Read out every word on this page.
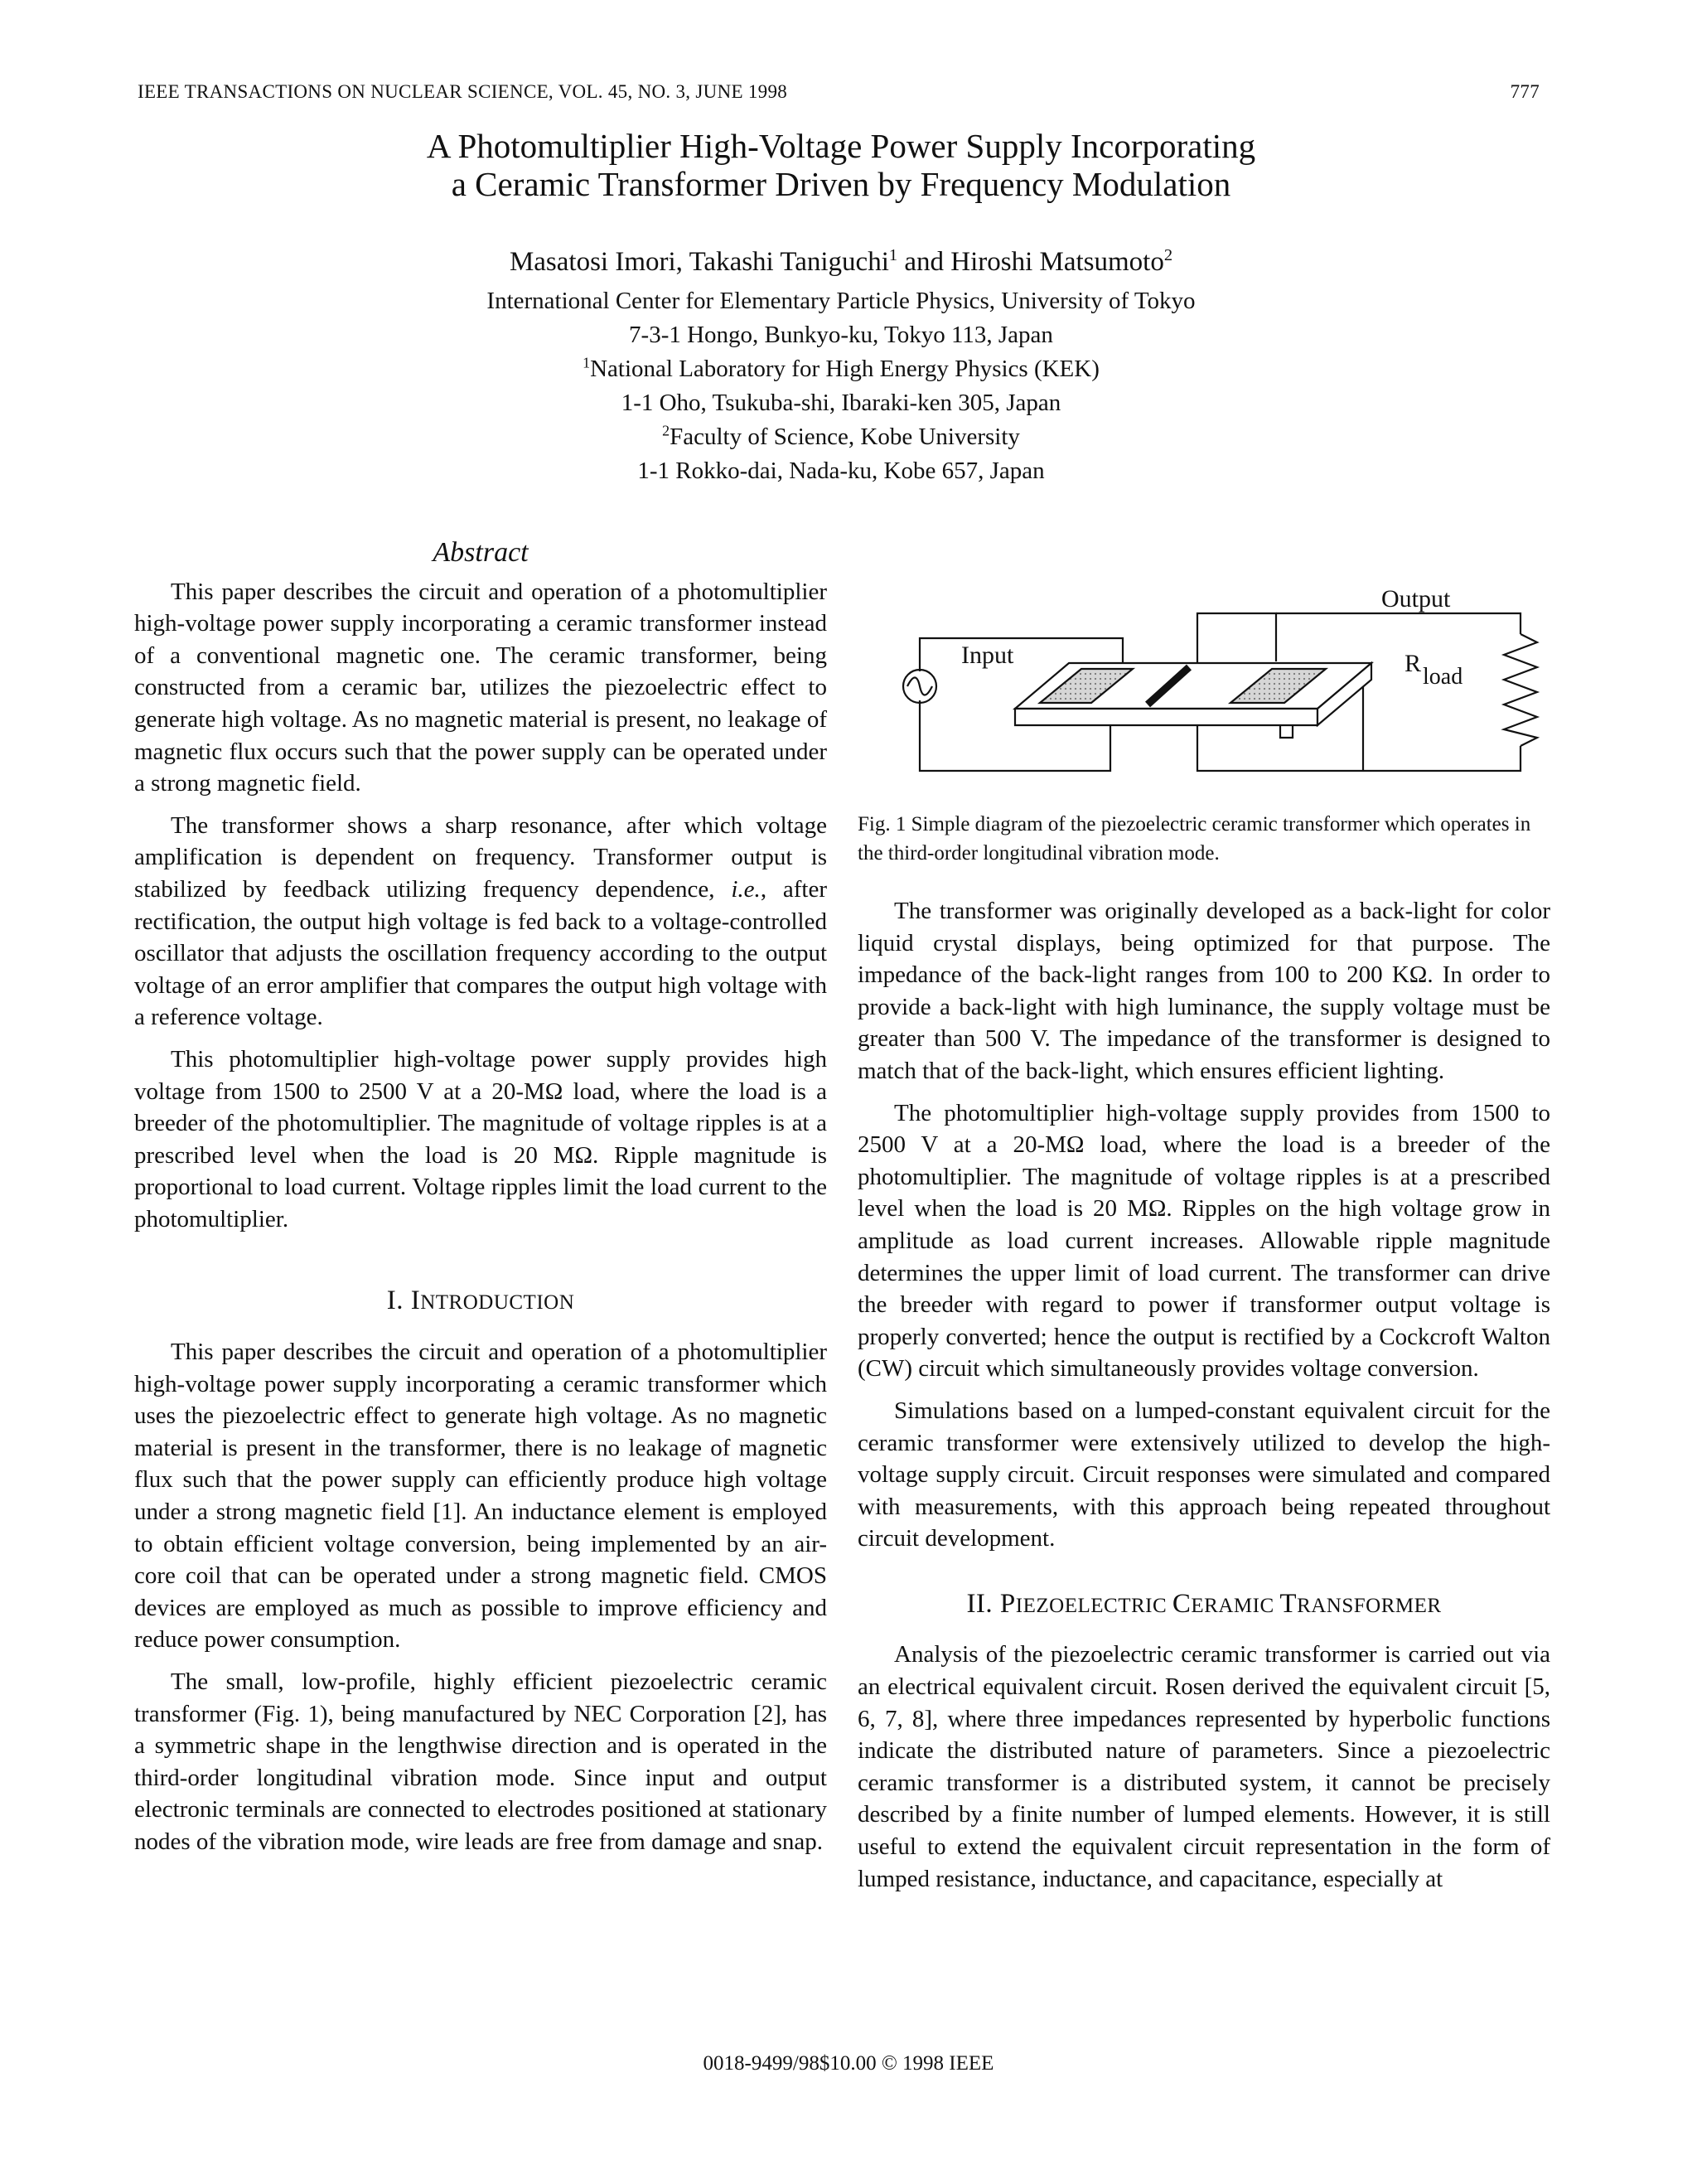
IEEE TRANSACTIONS ON NUCLEAR SCIENCE, VOL. 45, NO. 3, JUNE 1998	777
A Photomultiplier High-Voltage Power Supply Incorporating
a Ceramic Transformer Driven by Frequency Modulation
Masatosi Imori, Takashi Taniguchi$^1$ and Hiroshi Matsumoto$^2$
International Center for Elementary Particle Physics, University of Tokyo
7-3-1 Hongo, Bunkyo-ku, Tokyo 113, Japan
$^1$National Laboratory for High Energy Physics (KEK)
1-1 Oho, Tsukuba-shi, Ibaraki-ken 305, Japan
$^2$Faculty of Science, Kobe University
1-1 Rokko-dai, Nada-ku, Kobe 657, Japan
Abstract

This paper describes the circuit and operation of a photomultiplier high-voltage power supply incorporating a ceramic transformer instead of a conventional magnetic one. The ceramic transformer, being constructed from a ceramic bar, utilizes the piezoelectric effect to generate high voltage. As no magnetic material is present, no leakage of magnetic flux occurs such that the power supply can be operated under a strong magnetic field.

The transformer shows a sharp resonance, after which voltage amplification is dependent on frequency. Transformer output is stabilized by feedback utilizing frequency dependence, i.e., after rectification, the output high voltage is fed back to a voltage-controlled oscillator that adjusts the oscillation frequency according to the output voltage of an error amplifier that compares the output high voltage with a reference voltage.

This photomultiplier high-voltage power supply provides high voltage from 1500 to 2500 V at a 20-MΩ load, where the load is a breeder of the photomultiplier. The magnitude of voltage ripples is at a prescribed level when the load is 20 MΩ. Ripple magnitude is proportional to load current. Voltage ripples limit the load current to the photomultiplier.

I. INTRODUCTION

This paper describes the circuit and operation of a photomultiplier high-voltage power supply incorporating a ceramic transformer which uses the piezoelectric effect to generate high voltage. As no magnetic material is present in the transformer, there is no leakage of magnetic flux such that the power supply can efficiently produce high voltage under a strong magnetic field [1]. An inductance element is employed to obtain efficient voltage conversion, being implemented by an air-core coil that can be operated under a strong magnetic field. CMOS devices are employed as much as possible to improve efficiency and reduce power consumption.

The small, low-profile, highly efficient piezoelectric ceramic transformer (Fig. 1), being manufactured by NEC Corporation [2], has a symmetric shape in the lengthwise direction and is operated in the third-order longitudinal vibration mode. Since input and output electronic terminals are connected to electrodes positioned at stationary nodes of the vibration mode, wire leads are free from damage and snap.

Input
Output
R load
Fig. 1 Simple diagram of the piezoelectric ceramic transformer which operates in the third-order longitudinal vibration mode.

The transformer was originally developed as a back-light for color liquid crystal displays, being optimized for that purpose. The impedance of the back-light ranges from 100 to 200 KΩ. In order to provide a back-light with high luminance, the supply voltage must be greater than 500 V. The impedance of the transformer is designed to match that of the back-light, which ensures efficient lighting.

The photomultiplier high-voltage supply provides from 1500 to 2500 V at a 20-MΩ load, where the load is a breeder of the photomultiplier. The magnitude of voltage ripples is at a prescribed level when the load is 20 MΩ. Ripples on the high voltage grow in amplitude as load current increases. Allowable ripple magnitude determines the upper limit of load current. The transformer can drive the breeder with regard to power if transformer output voltage is properly converted; hence the output is rectified by a Cockcroft Walton (CW) circuit which simultaneously provides voltage conversion.

Simulations based on a lumped-constant equivalent circuit for the ceramic transformer were extensively utilized to develop the high-voltage supply circuit. Circuit responses were simulated and compared with measurements, with this approach being repeated throughout circuit development.

II. PIEZOELECTRIC CERAMIC TRANSFORMER

Analysis of the piezoelectric ceramic transformer is carried out via an electrical equivalent circuit. Rosen derived the equivalent circuit [5, 6, 7, 8], where three impedances represented by hyperbolic functions indicate the distributed nature of parameters. Since a piezoelectric ceramic transformer is a distributed system, it cannot be precisely described by a finite number of lumped elements. However, it is still useful to extend the equivalent circuit representation in the form of lumped resistance, inductance, and capacitance, especially at

0018-9499/98$10.00 © 1998 IEEE
